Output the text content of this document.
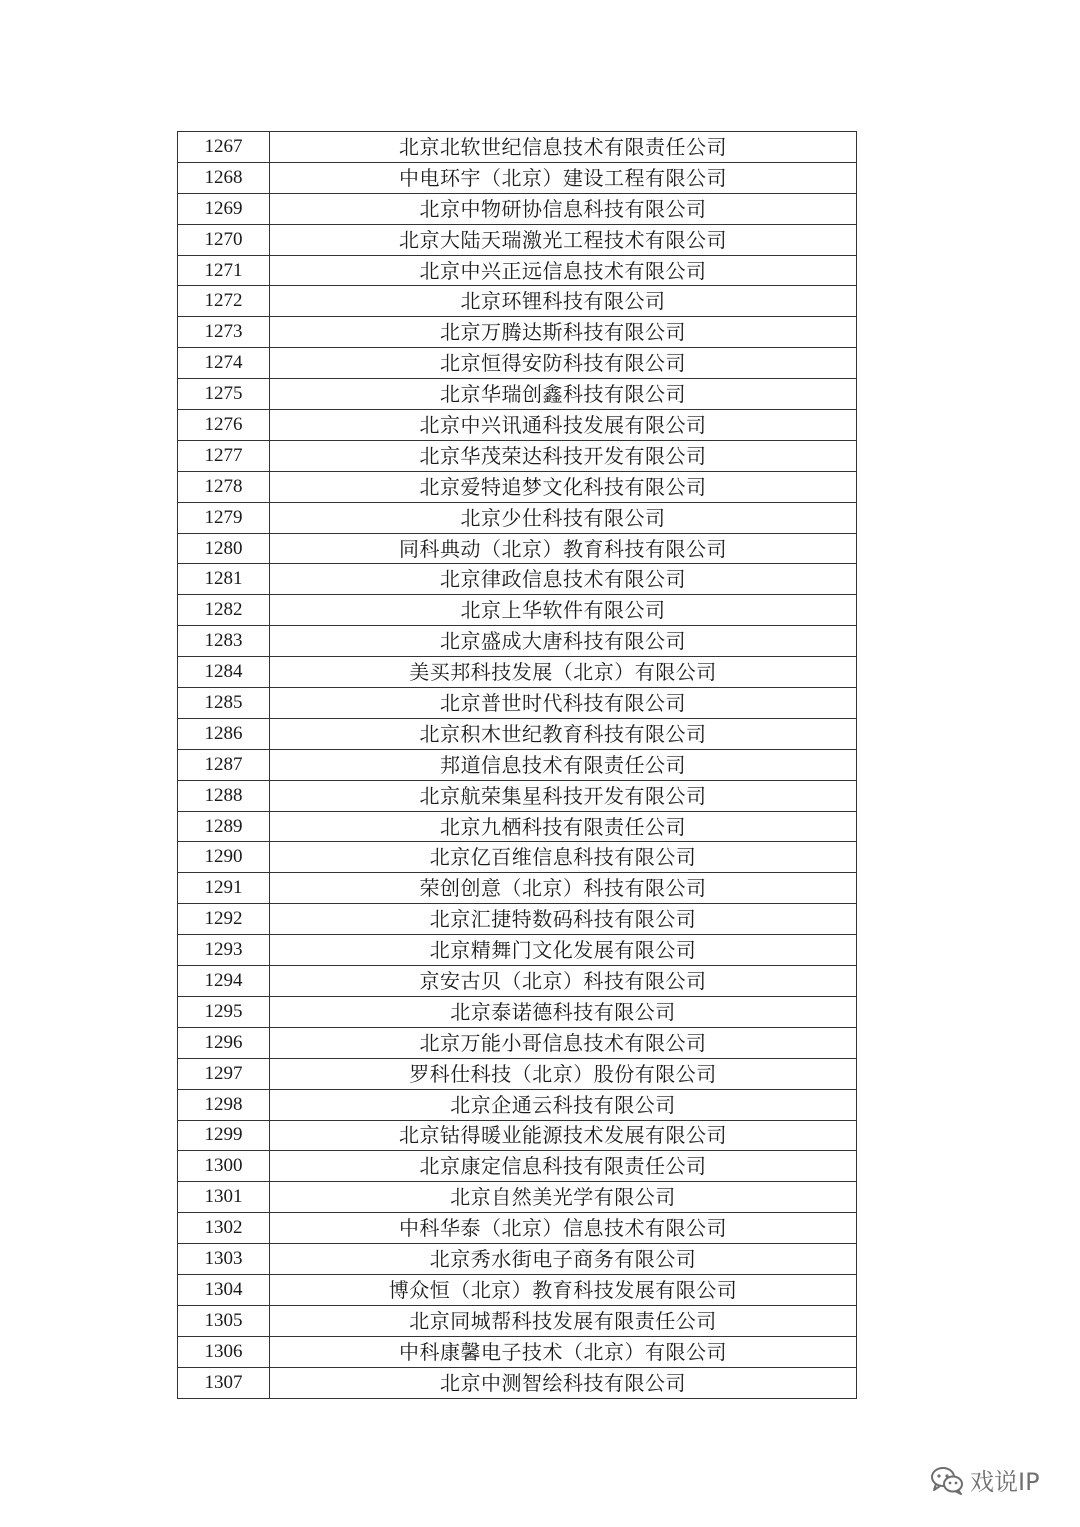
1267	北京北软世纪信息技术有限责任公司
1268	中电环宇（北京）建设工程有限公司
1269	北京中物研协信息科技有限公司
1270	北京大陆天瑞激光工程技术有限公司
1271	北京中兴正远信息技术有限公司
1272	北京环锂科技有限公司
1273	北京万腾达斯科技有限公司
1274	北京恒得安防科技有限公司
1275	北京华瑞创鑫科技有限公司
1276	北京中兴讯通科技发展有限公司
1277	北京华茂荣达科技开发有限公司
1278	北京爱特追梦文化科技有限公司
1279	北京少仕科技有限公司
1280	同科典动（北京）教育科技有限公司
1281	北京律政信息技术有限公司
1282	北京上华软件有限公司
1283	北京盛成大唐科技有限公司
1284	美买邦科技发展（北京）有限公司
1285	北京普世时代科技有限公司
1286	北京积木世纪教育科技有限公司
1287	邦道信息技术有限责任公司
1288	北京航荣集星科技开发有限公司
1289	北京九栖科技有限责任公司
1290	北京亿百维信息科技有限公司
1291	荣创创意（北京）科技有限公司
1292	北京汇捷特数码科技有限公司
1293	北京精舞门文化发展有限公司
1294	京安古贝（北京）科技有限公司
1295	北京泰诺德科技有限公司
1296	北京万能小哥信息技术有限公司
1297	罗科仕科技（北京）股份有限公司
1298	北京企通云科技有限公司
1299	北京钴得暖业能源技术发展有限公司
1300	北京康定信息科技有限责任公司
1301	北京自然美光学有限公司
1302	中科华泰（北京）信息技术有限公司
1303	北京秀水街电子商务有限公司
1304	博众恒（北京）教育科技发展有限公司
1305	北京同城帮科技发展有限责任公司
1306	中科康馨电子技术（北京）有限公司
1307	北京中测智绘科技有限公司
戏说IP
